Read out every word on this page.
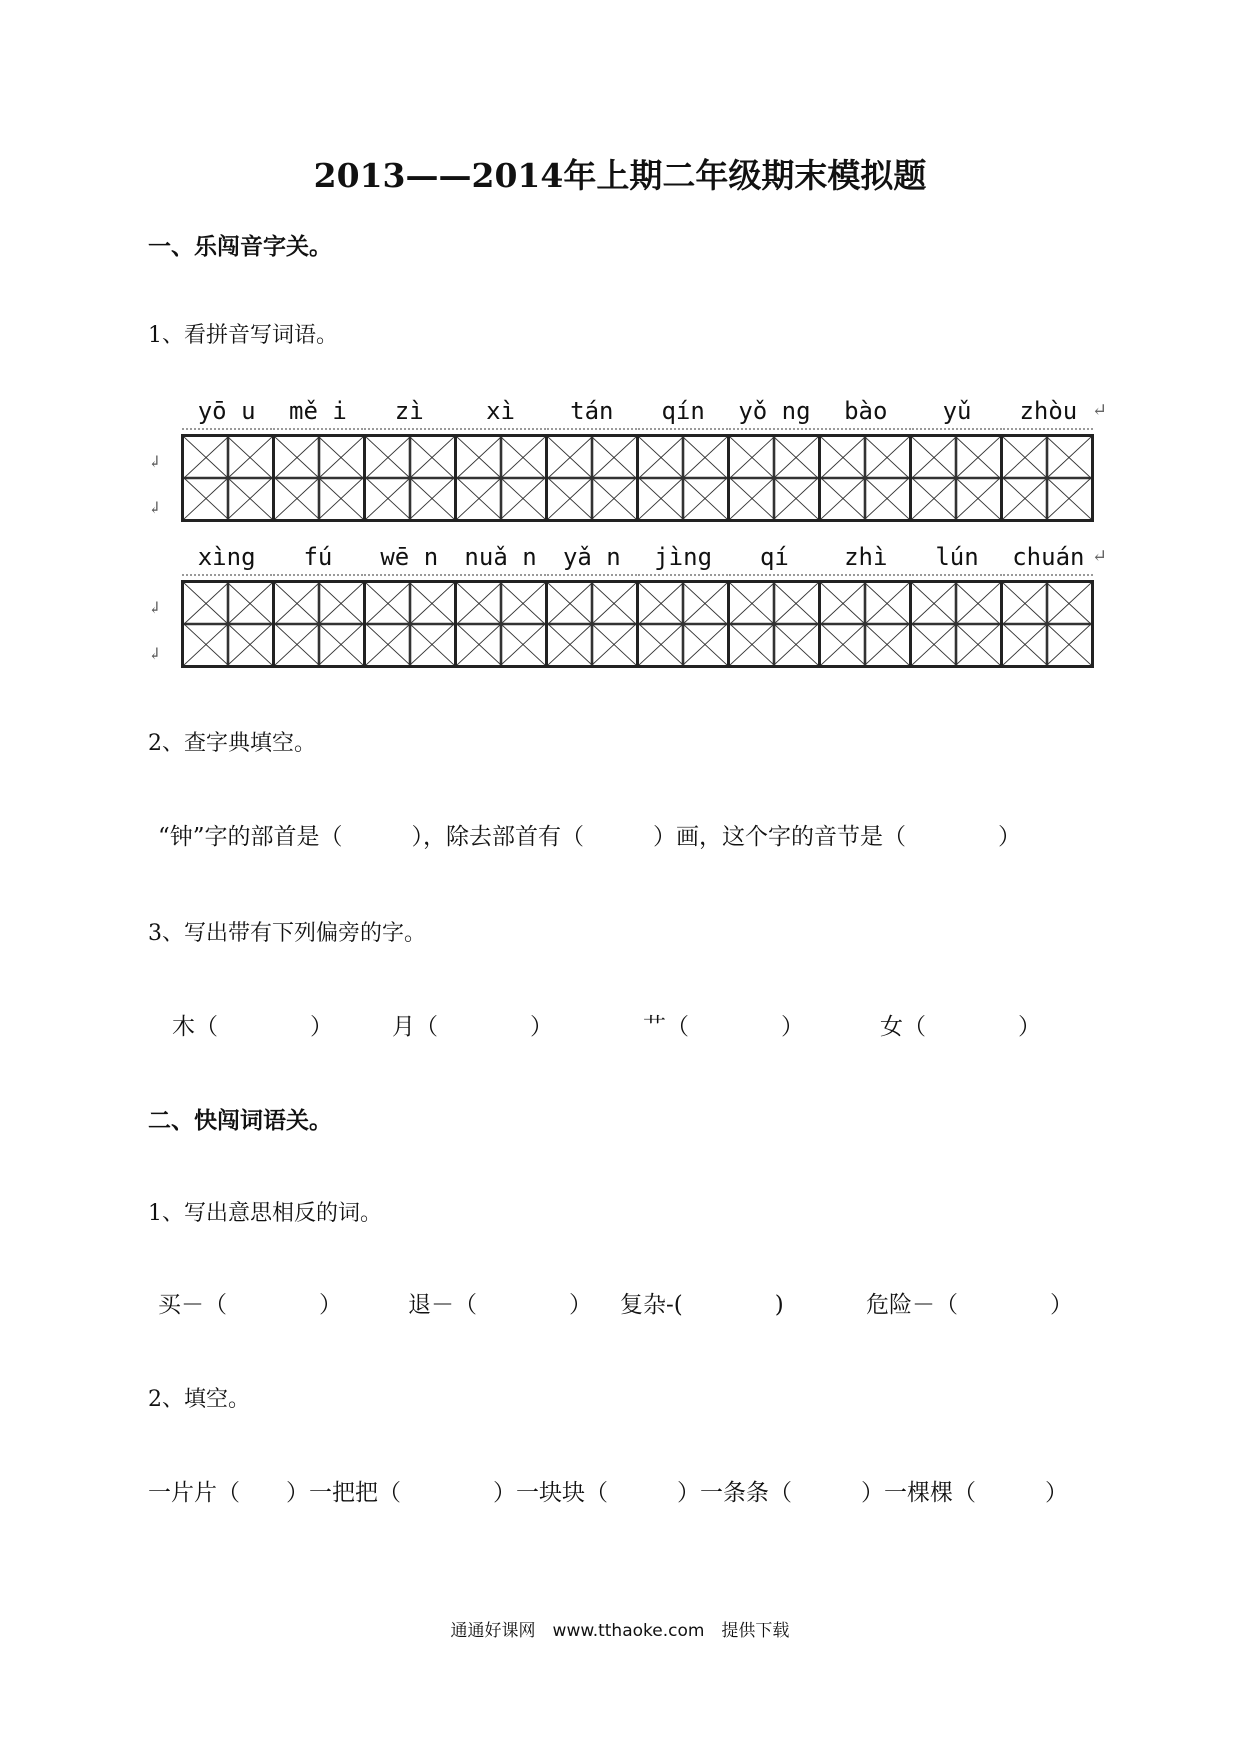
2013——2014年上期二年级期末模拟题
一、乐闯音字关。
1、看拼音写词语。
yō u	mě i	zì	xì	tán	qín	yǒ ng	bào	yǔ	zhòu
↲
↲
↵
xìng	fú	wē n	nuǎ n	yǎ n	jìng	qí	zhì	lún	chuán
↲
↲
↵
2、查字典填空。
“钟”字的部首是（　　　），除去部首有（　　　）画，这个字的音节是（　　　　）
3、写出带有下列偏旁的字。
木（　　　　）	月（　　　　）	艹（　　　　）	女（　　　　）
二、快闯词语关。
1、写出意思相反的词。
买－（　　　　）	退－（　　　　） 复杂-(　　　　)	危险－（　　　　）
2、填空。
一片片（　　）一把把（　　　　）一块块（　　　）一条条（　　　）一棵棵（　　　）
通通好课网　www.tthaoke.com　提供下载
